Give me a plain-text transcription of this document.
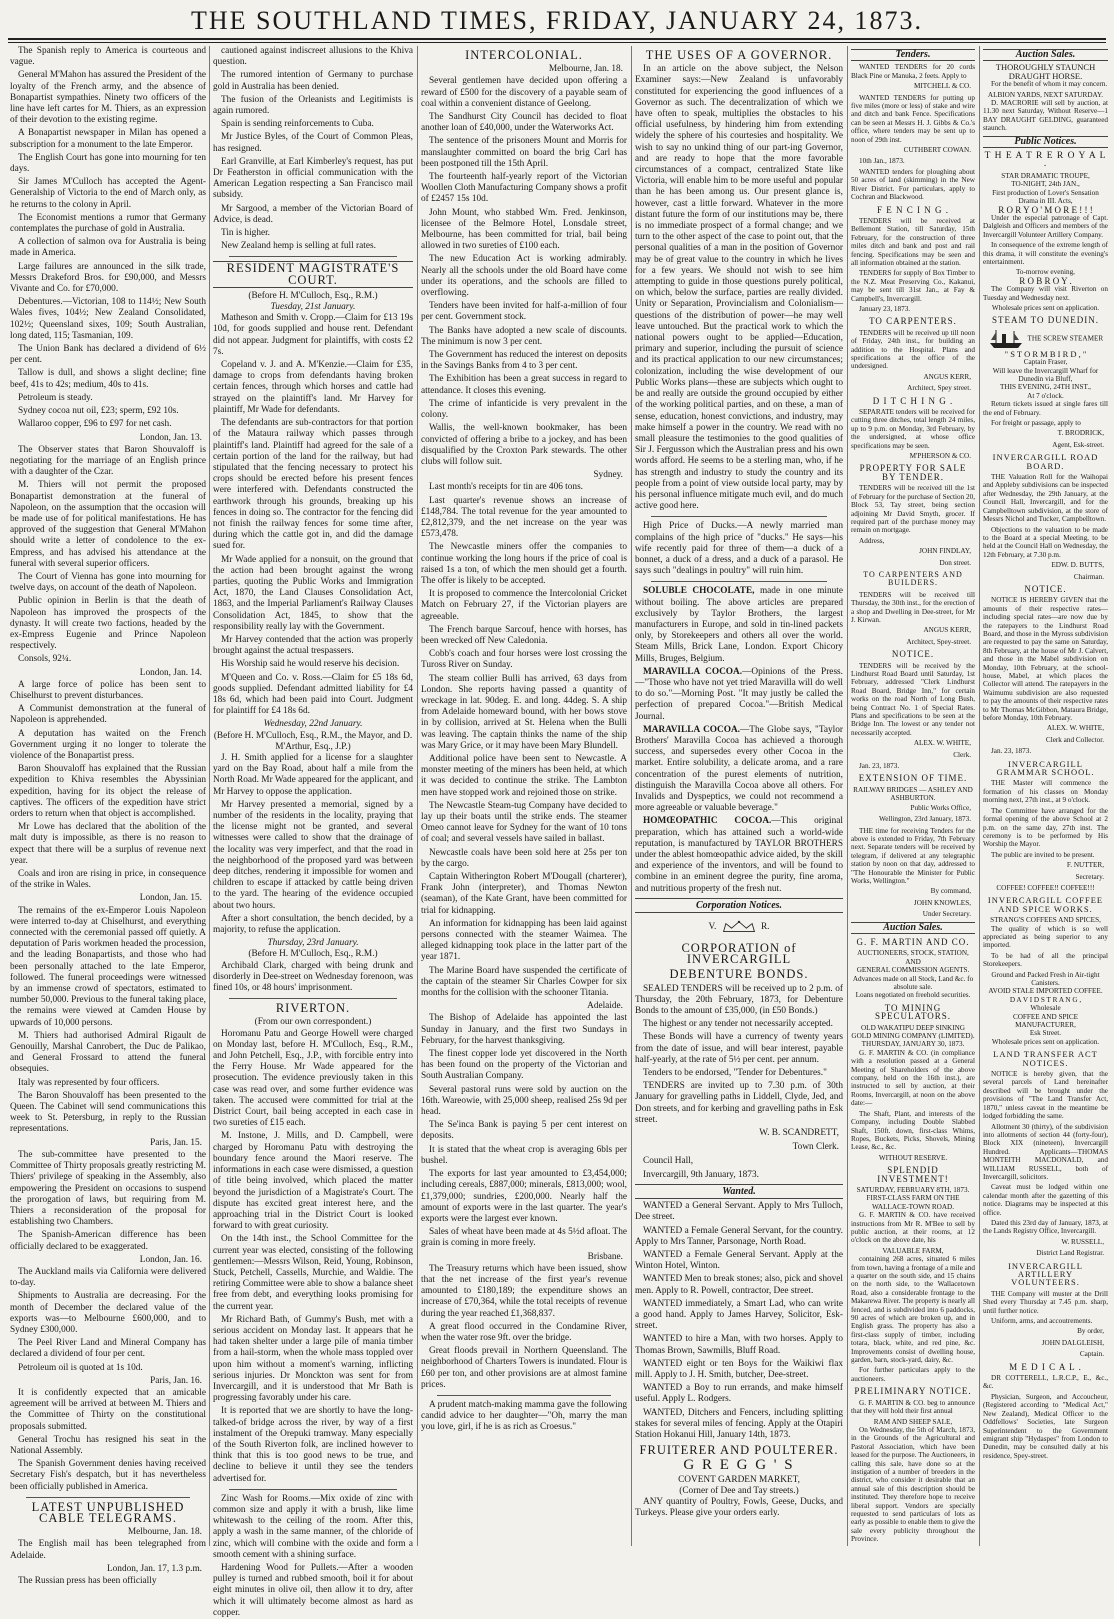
THE SOUTHLAND TIMES, FRIDAY, JANUARY 24, 1873.

The Spanish reply to America is courteous and vague.

General M'Mahon has assured the President of the loyalty of the French army, and the absence of Bonapartist sympathies. Ninety two officers of the line have left cartes for M. Thiers, as an expression of their devotion to the existing regime.

A Bonapartist newspaper in Milan has opened a subscription for a monument to the late Emperor.

The English Court has gone into mourning for ten days.

Sir James M'Culloch has accepted the Agent-Generalship of Victoria to the end of March only, as he returns to the colony in April.

The Economist mentions a rumor that Germany contemplates the purchase of gold in Australia.

A collection of salmon ova for Australia is being made in America.

Large failures are announced in the silk trade, Messrs Drakeford Bros. for £90,000, and Messrs Vivante and Co. for £70,000.

Debentures.—Victorian, 108 to 114½; New South Wales fives, 104½; New Zealand Consolidated, 102½; Queensland sixes, 109; South Australian, long dated, 115; Tasmanian, 109.

The Union Bank has declared a dividend of 6½ per cent.

Tallow is dull, and shows a slight decline; fine beef, 41s to 42s; medium, 40s to 41s.

Petroleum is steady.

Sydney cocoa nut oil, £23; sperm, £92 10s.

Wallaroo copper, £96 to £97 for net cash.

London, Jan. 13.

The Observer states that Baron Shouvaloff is negotiating for the marriage of an English prince with a daughter of the Czar.

M. Thiers will not permit the proposed Bonapartist demonstration at the funeral of Napoleon, on the assumption that the occasion will be made use of for political manifestations. He has approved of the suggestion that General M'Mahon should write a letter of condolence to the ex-Empress, and has advised his attendance at the funeral with several superior officers.

The Court of Vienna has gone into mourning for twelve days, on account of the death of Napoleon.

Public opinion in Berlin is that the death of Napoleon has improved the prospects of the dynasty. It will create two factions, headed by the ex-Empress Eugenie and Prince Napoleon respectively.

Consols, 92¼.

London, Jan. 14.

A large force of police has been sent to Chiselhurst to prevent disturbances.

A Communist demonstration at the funeral of Napoleon is apprehended.

A deputation has waited on the French Government urging it no longer to tolerate the violence of the Bonapartist press.

Baron Shouvaloff has explained that the Russian expedition to Khiva resembles the Abyssinian expedition, having for its object the release of captives. The officers of the expedition have strict orders to return when that object is accomplished.

Mr Lowe has declared that the abolition of the malt duty is impossible, as there is no reason to expect that there will be a surplus of revenue next year.

Coals and iron are rising in price, in consequence of the strike in Wales.

London, Jan. 15.

The remains of the ex-Emperor Louis Napoleon were interred to-day at Chiselhurst, and everything connected with the ceremonial passed off quietly. A deputation of Paris workmen headed the procession, and the leading Bonapartists, and those who had been personally attached to the late Emperor, followed. The funeral proceedings were witnessed by an immense crowd of spectators, estimated to number 50,000. Previous to the funeral taking place, the remains were viewed at Camden House by upwards of 10,000 persons.

M. Thiers had authorised Admiral Rigault de Genouilly, Marshal Canrobert, the Duc de Palikao, and General Frossard to attend the funeral obsequies.

Italy was represented by four officers.

The Baron Shouvaloff has been presented to the Queen. The Cabinet will send communications this week to St. Petersburg, in reply to the Russian representations.

Paris, Jan. 15.

The sub-committee have presented to the Committee of Thirty proposals greatly restricting M. Thiers' privilege of speaking in the Assembly, also empowering the President on occasions to suspend the prorogation of laws, but requiring from M. Thiers a reconsideration of the proposal for establishing two Chambers.

The Spanish-American difference has been officially declared to be exaggerated.

London, Jan. 16.

The Auckland mails via California were delivered to-day.

Shipments to Australia are decreasing. For the month of December the declared value of the exports was—to Melbourne £600,000, and to Sydney £300,000.

The Peel River Land and Mineral Company has declared a dividend of four per cent.

Petroleum oil is quoted at 1s 10d.

Paris, Jan. 16.

It is confidently expected that an amicable agreement will be arrived at between M. Thiers and the Committee of Thirty on the constitutional proposals submitted.

General Trochu has resigned his seat in the National Assembly.

The Spanish Government denies having received Secretary Fish's despatch, but it has nevertheless been officially published in America.

LATEST UNPUBLISHED CABLE TELEGRAMS.
Melbourne, Jan. 18.

The English mail has been telegraphed from Adelaide.

London, Jan. 17, 1.3 p.m.

The Russian press has been officially

cautioned against indiscreet allusions to the Khiva question.

The rumored intention of Germany to purchase gold in Australia has been denied.

The fusion of the Orleanists and Legitimists is again rumored.

Spain is sending reinforcements to Cuba.

Mr Justice Byles, of the Court of Common Pleas, has resigned.

Earl Granville, at Earl Kimberley's request, has put Dr Featherston in official communication with the American Legation respecting a San Francisco mail subsidy.

Mr Sargood, a member of the Victorian Board of Advice, is dead.

Tin is higher.

New Zealand hemp is selling at full rates.

RESIDENT MAGISTRATE'S COURT.
(Before H. M'Culloch, Esq., R.M.)
Tuesday, 21st January.

Matheson and Smith v. Cropp.—Claim for £13 19s 10d, for goods supplied and house rent. Defendant did not appear. Judgment for plaintiffs, with costs £2 7s.

Copeland v. J. and A. M'Kenzie.—Claim for £35, damage to crops from defendants having broken certain fences, through which horses and cattle had strayed on the plaintiff's land. Mr Harvey for plaintiff, Mr Wade for defendants.

The defendants are sub-contractors for that portion of the Mataura railway which passes through plaintiff's land. Plaintiff had agreed for the sale of a certain portion of the land for the railway, but had stipulated that the fencing necessary to protect his crops should be erected before his present fences were interfered with. Defendants constructed the earthwork through his grounds, breaking up his fences in doing so. The contractor for the fencing did not finish the railway fences for some time after, during which the cattle got in, and did the damage sued for.

Mr Wade applied for a nonsuit, on the ground that the action had been brought against the wrong parties, quoting the Public Works and Immigration Act, 1870, the Land Clauses Consolidation Act, 1863, and the Imperial Parliament's Railway Clauses Consolidation Act, 1845, to show that the responsibility really lay with the Government.

Mr Harvey contended that the action was properly brought against the actual trespassers.

His Worship said he would reserve his decision.

M'Queen and Co. v. Ross.—Claim for £5 18s 6d, goods supplied. Defendant admitted liability for £4 18s 6d, which had been paid into Court. Judgment for plaintiff for £4 18s 6d.

Wednesday, 22nd January.
(Before H. M'Culloch, Esq., R.M., the Mayor, and D. M'Arthur, Esq., J.P.)

J. H. Smith applied for a license for a slaughter yard on the Bay Road, about half a mile from the North Road. Mr Wade appeared for the applicant, and Mr Harvey to oppose the application.

Mr Harvey presented a memorial, signed by a number of the residents in the locality, praying that the license might not be granted, and several witnesses were called to show that the drainage of the locality was very imperfect, and that the road in the neighborhood of the proposed yard was between deep ditches, rendering it impossible for women and children to escape if attacked by cattle being driven to the yard. The hearing of the evidence occupied about two hours.

After a short consultation, the bench decided, by a majority, to refuse the application.

Thursday, 23rd January.
(Before H. M'Culloch, Esq., R.M.)

Archibald Clark, charged with being drunk and disorderly in Dee-street on Wednesday forenoon, was fined 10s, or 48 hours' imprisonment.

RIVERTON.
(From our own correspondent.)

Horomanu Patu and George Howell were charged on Monday last, before H. M'Culloch, Esq., R.M., and John Petchell, Esq., J.P., with forcible entry into the Ferry House. Mr Wade appeared for the prosecution. The evidence previously taken in this case was read over, and some further evidence was taken. The accused were committed for trial at the District Court, bail being accepted in each case in two sureties of £15 each.

M. Instone, J. Mills, and D. Campbell, were charged by Horomanu Patu with destroying the boundary fence around the Maori reserve. The informations in each case were dismissed, a question of title being involved, which placed the matter beyond the jurisdiction of a Magistrate's Court. The dispute has excited great interest here, and the approaching trial in the District Court is looked forward to with great curiosity.

On the 14th inst., the School Committee for the current year was elected, consisting of the following gentlemen:—Messrs Wilson, Reid, Young, Robinson, Stuck, Petchell, Cassells, Murchie, and Waldie. The retiring Committee were able to show a balance sheet free from debt, and everything looks promising for the current year.

Mr Richard Bath, of Gummy's Bush, met with a serious accident on Monday last. It appears that he had taken shelter under a large pile of mania timber from a hail-storm, when the whole mass toppled over upon him without a moment's warning, inflicting serious injuries. Dr Monckton was sent for from Invercargill, and it is understood that Mr Bath is progressing favorably under his care.

It is reported that we are shortly to have the long-talked-of bridge across the river, by way of a first instalment of the Orepuki tramway. Many especially of the South Riverton folk, are inclined however to think that this is too good news to be true, and decline to believe it until they see the tenders advertised for.

Zinc Wash for Rooms.—Mix oxide of zinc with common size and apply it with a brush, like lime whitewash to the ceiling of the room. After this, apply a wash in the same manner, of the chloride of zinc, which will combine with the oxide and form a smooth cement with a shining surface.

Hardening Wood for Pullets.—After a wooden pulley is turned and rubbed smooth, boil it for about eight minutes in olive oil, then allow it to dry, after which it will ultimately become almost as hard as copper.

INTERCOLONIAL.
Melbourne, Jan. 18.

Several gentlemen have decided upon offering a reward of £500 for the discovery of a payable seam of coal within a convenient distance of Geelong.

The Sandhurst City Council has decided to float another loan of £40,000, under the Waterworks Act.

The sentence of the prisoners Mount and Morris for manslaughter committed on board the brig Carl has been postponed till the 15th April.

The fourteenth half-yearly report of the Victorian Woollen Cloth Manufacturing Company shows a profit of £2457 15s 10d.

John Mount, who stabbed Wm. Fred. Jenkinson, licensee of the Belmore Hotel, Lonsdale street, Melbourne, has been committed for trial, bail being allowed in two sureties of £100 each.

The new Education Act is working admirably. Nearly all the schools under the old Board have come under its operations, and the schools are filled to overflowing.

Tenders have been invited for half-a-million of four per cent. Government stock.

The Banks have adopted a new scale of discounts. The minimum is now 3 per cent.

The Government has reduced the interest on deposits in the Savings Banks from 4 to 3 per cent.

The Exhibition has been a great success in regard to attendance. It closes this evening.

The crime of infanticide is very prevalent in the colony.

Wallis, the well-known bookmaker, has been convicted of offering a bribe to a jockey, and has been disqualified by the Croxton Park stewards. The other clubs will follow suit.

Sydney.

Last month's receipts for tin are 406 tons.

Last quarter's revenue shows an increase of £148,784. The total revenue for the year amounted to £2,812,379, and the net increase on the year was £573,478.

The Newcastle miners offer the companies to continue working the long hours if the price of coal is raised 1s a ton, of which the men should get a fourth. The offer is likely to be accepted.

It is proposed to commence the Intercolonial Cricket Match on February 27, if the Victorian players are agreeable.

The French barque Sarcouf, hence with horses, has been wrecked off New Caledonia.

Cobb's coach and four horses were lost crossing the Tuross River on Sunday.

The steam collier Bulli has arrived, 63 days from London. She reports having passed a quantity of wreckage in lat. 90deg. E. and long. 44deg. S. A ship from Adelaide homeward bound, with her bows stove in by collision, arrived at St. Helena when the Bulli was leaving. The captain thinks the name of the ship was Mary Grice, or it may have been Mary Blundell.

Additional police have been sent to Newcastle. A monster meeting of the miners has been held, at which it was decided to continue the strike. The Lambton men have stopped work and rejoined those on strike.

The Newcastle Steam-tug Company have decided to lay up their boats until the strike ends. The steamer Omeo cannot leave for Sydney for the want of 10 tons of coal; and several vessels have sailed in ballast.

Newcastle coals have been sold here at 25s per ton by the cargo.

Captain Witherington Robert M'Dougall (charterer), Frank John (interpreter), and Thomas Newton (seaman), of the Kate Grant, have been committed for trial for kidnapping.

An information for kidnapping has been laid against persons connected with the steamer Waimea. The alleged kidnapping took place in the latter part of the year 1871.

The Marine Board have suspended the certificate of the captain of the steamer Sir Charles Cowper for six months for the collision with the schooner Titania.

Adelaide.

The Bishop of Adelaide has appointed the last Sunday in January, and the first two Sundays in February, for the harvest thanksgiving.

The finest copper lode yet discovered in the North has been found on the property of the Victorian and South Australian Company.

Several pastoral runs were sold by auction on the 16th. Wareowie, with 25,000 sheep, realised 25s 9d per head.

The Se'inca Bank is paying 5 per cent interest on deposits.

It is stated that the wheat crop is averaging 6bls per bushel.

The exports for last year amounted to £3,454,000; including cereals, £887,000; minerals, £813,000; wool, £1,379,000; sundries, £200,000. Nearly half the amount of exports were in the last quarter. The year's exports were the largest ever known.

Sales of wheat have been made at 4s 5½d afloat. The grain is coming in more freely.

Brisbane.

The Treasury returns which have been issued, show that the net increase of the first year's revenue amounted to £180,189; the expenditure shows an increase of £70,364, while the total receipts of revenue during the year reached £1,368,837.

A great flood occurred in the Condamine River, when the water rose 9ft. over the bridge.

Great floods prevail in Northern Queensland. The neighborhood of Charters Towers is inundated. Flour is £60 per ton, and other provisions are at almost famine prices.

A prudent match-making mamma gave the following candid advice to her daughter—"Oh, marry the man you love, girl, if he is as rich as Croesus."

THE USES OF A GOVERNOR.

In an article on the above subject, the Nelson Examiner says:—New Zealand is unfavorably constituted for experiencing the good influences of a Governor as such. The decentralization of which we have often to speak, multiplies the obstacles to his official usefulness, by hindering him from extending widely the sphere of his courtesies and hospitality. We wish to say no unkind thing of our part-ing Governor, and are ready to hope that the more favorable circumstances of a compact, centralized State like Victoria, will enable him to be more useful and popular than he has been among us. Our present glance is, however, cast a little forward. Whatever in the more distant future the form of our institutions may be, there is no immediate prospect of a formal change; and we turn to the other aspect of the case to point out, that the personal qualities of a man in the position of Governor may be of great value to the country in which he lives for a few years. We should not wish to see him attempting to guide in those questions purely political, on which, below the surface, parties are really divided. Unity or Separation, Provincialism and Colonialism—questions of the distribution of power—he may well leave untouched. But the practical work to which the national powers ought to be applied—Education, primary and superior, including the pursuit of science and its practical application to our new circumstances; colonization, including the wise development of our Public Works plans—these are subjects which ought to be and really are outside the ground occupied by either of the working political parties, and on these, a man of sense, education, honest convictions, and industry, may make himself a power in the country. We read with no small pleasure the testimonies to the good qualities of Sir J. Fergusson which the Australian press and his own words afford. He seems to be a sterling man, who, if he has strength and industry to study the country and its people from a point of view outside local party, may by his personal influence mitigate much evil, and do much active good here.

High Price of Ducks.—A newly married man complains of the high price of "ducks." He says—his wife recently paid for three of them—a duck of a bonnet, a duck of a dress, and a duck of a parasol. He says such "dealings in poultry" will ruin him.

SOLUBLE CHOCOLATE, made in one minute without boiling. The above articles are prepared exclusively by Taylor Brothers, the largest manufacturers in Europe, and sold in tin-lined packets only, by Storekeepers and others all over the world. Steam Mills, Brick Lane, London. Export Chicory Mills, Bruges, Belgium.

MARAVILLA COCOA.—Opinions of the Press.—"Those who have not yet tried Maravilla will do well to do so."—Morning Post. "It may justly be called the perfection of prepared Cocoa."—British Medical Journal.

MARAVILLA COCOA.—The Globe says, "Taylor Brothers' Maravilla Cocoa has achieved a thorough success, and supersedes every other Cocoa in the market. Entire solubility, a delicate aroma, and a rare concentration of the purest elements of nutrition, distinguish the Maravilla Cocoa above all others. For Invalids and Dyspeptics, we could not recommend a more agreeable or valuable beverage."

HOMŒOPATHIC COCOA.—This original preparation, which has attained such a world-wide reputation, is manufactured by TAYLOR BROTHERS under the ablest homœopathic advice aided, by the skill and experience of the inventors, and will be found to combine in an eminent degree the purity, fine aroma, and nutritious property of the fresh nut.

Corporation Notices.
V.	R.
CORPORATION of INVERCARGILL
DEBENTURE BONDS.

SEALED TENDERS will be received up to 2 p.m. of Thursday, the 20th February, 1873, for Debenture Bonds to the amount of £35,000, (in £50 Bonds.)

The highest or any tender not necessarily accepted.

These Bonds will have a currency of twenty years from the date of issue, and will bear interest, payable half-yearly, at the rate of 5½ per cent. per annum.

Tenders to be endorsed, "Tender for Debentures."

TENDERS are invited up to 7.30 p.m. of 30th January for gravelling paths in Liddell, Clyde, Jed, and Don streets, and for kerbing and gravelling paths in Esk street.

W. B. SCANDRETT,
Town Clerk.

Council Hall,

Invercargill, 9th January, 1873.

Wanted.

WANTED a General Servant. Apply to Mrs Tulloch, Dee street.

WANTED a Female General Servant, for the country. Apply to Mrs Tanner, Parsonage, North Road.

WANTED a Female General Servant. Apply at the Winton Hotel, Winton.

WANTED Men to break stones; also, pick and shovel men. Apply to R. Powell, contractor, Dee street.

WANTED immediately, a Smart Lad, who can write a good hand. Apply to James Harvey, Solicitor, Esk-street.

WANTED to hire a Man, with two horses. Apply to Thomas Brown, Sawmills, Bluff Road.

WANTED eight or ten Boys for the Waikiwi flax mill. Apply to J. H. Smith, butcher, Dee-street.

WANTED a Boy to run errands, and make himself useful. Apply L. Rodgers.

WANTED, Ditchers and Fencers, including splitting stakes for several miles of fencing. Apply at the Otapiri Station Hokanui Hill, January 14th, 1873.

FRUITERER AND POULTERER.
G R E G G ' S
COVENT GARDEN MARKET,
(Corner of Dee and Tay streets.)

ANY quantity of Poultry, Fowls, Geese, Ducks, and Turkeys. Please give your orders early.

Tenders.

WANTED TENDERS for 20 cords Black Pine or Manuka, 2 feets. Apply to

MITCHELL & CO.

WANTED TENDERS for putting up five miles (more or less) of stake and wire and ditch and bank Fence. Specifications can be seen at Messrs H. J. Gibbs & Co.'s office, where tenders may be sent up to noon of 29th inst.

CUTHBERT COWAN.

10th Jan., 1873.

WANTED tenders for ploughing about 50 acres of land (skimming) in the New River District. For particulars, apply to Cochran and Blackwood.

F E N C I N G .

TENDERS will be received at Bellemont Station, till Saturday, 15th February, for the construction of three miles ditch and bank and post and rail fencing. Specifications may be seen and all information obtained at the station.

TENDERS for supply of Box Timber to the N.Z. Meat Preserving Co., Kakanui, may be sent till 31st Jan., at Fay & Campbell's, Invercargill.

January 23, 1873.

TO CARPENTERS.

TENDERS will be received up till noon of Friday, 24th inst., for building an addition to the Hospital. Plans and specifications at the office of the undersigned.

ANGUS KERR,
Architect, Spey street.
D I T C H I N G .

SEPARATE tenders will be received for cutting three ditches, total length 24 miles, up to 9 p.m. on Monday, 3rd February, by the undersigned, at whose office specifications may be seen.

M'PHERSON & CO.
PROPERTY FOR SALE BY TENDER.

TENDERS will be received till the 1st of February for the purchase of Section 20, Block 53, Tay street, being section adjoining Mr David Smyth, grocer. If required part of the purchase money may remain on mortgage.

Address,

JOHN FINDLAY,
Don street.
TO CARPENTERS AND BUILDERS.

TENDERS will be received till Thursday, the 30th inst., for the erection of a shop and Dwelling in Dee-street, for Mr J. Kirwan.

ANGUS KERR,
Architect, Spey-street.
NOTICE.

TENDERS will be received by the Lindhurst Road Board until Saturday, 1st February, addressed "Clerk Lindhurst Road Board, Bridge Inn," for certain works on the road North of Long Bush, being Contract No. 1 of Special Rates. Plans and specifications to be seen at the Bridge Inn. The lowest or any tender not necessarily accepted.

ALEX. W. WHITE,
Clerk.

Jan. 23, 1873.

EXTENSION OF TIME.
RAILWAY BRIDGES — ASHLEY AND ASHBURTON.
Public Works Office,
Wellington, 23rd January, 1873.

THE time for receiving Tenders for the above is extended to Friday, 7th February next. Separate tenders will be received by telegram, if delivered at any telegraphic station by noon on that day, addressed to "The Honourable the Minister for Public Works, Wellington."

By command,
JOHN KNOWLES,
Under Secretary.
Auction Sales.
G. F. MARTIN AND CO.
AUCTIONEERS, STOCK, STATION,
AND
GENERAL COMMISSION AGENTS.
Advances made on all Stock, Land &c. fo absolute sale.
Loans negotiated on freehold securities.
TO MINING SPECULATORS.
OLD WAKATIPU DEEP SINKING GOLD MINING COMPANY (LIMITED).
THURSDAY, JANUARY 30, 1873.

G. F. MARTIN & CO. (in compliance with a resolution passed at a General Meeting of Shareholders of the above company, held on the 16th inst.), are instructed to sell by auction, at their Rooms, Invercargill, at noon on the above date:—

The Shaft, Plant, and interests of the Company, including Double Slabbed Shaft, 150ft. down, first-class Whims, Ropes, Buckets, Picks, Shovels, Mining Lease, &c., &c.

WITHOUT RESERVE.
SPLENDID INVESTMENT!
SATURDAY, FEBRUARY 8TH, 1873.
FIRST-CLASS FARM ON THE WALLACE-TOWN ROAD.

G. F. MARTIN & CO. have received instructions from Mr R. M'Bee to sell by public auction, at their rooms, at 12 o'clock on the above date, his

VALUABLE FARM,

containing 268 acres, situated 6 miles from town, having a frontage of a mile and a quarter on the south side, and 15 chains on the north side, to the Wallacetown Road, also a considerable frontage to the Makarewa River. The property is nearly all fenced, and is subdivided into 6 paddocks, 90 acres of which are broken up, and in English grass. The property has also a first-class supply of timber, including totara, black, white, and red pine, &c. Improvements consist of dwelling house, garden, barn, stock-yard, dairy, &c.

For further particulars apply to the auctioneers.

PRELIMINARY NOTICE.

G. F. MARTIN & CO. beg to announce that they will hold their first annual

RAM AND SHEEP SALE,

On Wednesday, the 5th of March, 1873, in the Grounds of the Agricultural and Pastoral Association, which have been leased for the purpose. The Auctioneers, in calling this sale, have done so at the instigation of a number of breeders in the district, who consider it desirable that an annual sale of this description should be instituted. They therefore hope to receive liberal support. Vendors are specially requested to send particulars of lots as early as possible to enable them to give the sale every publicity throughout the Province.

Auction Sales.
THOROUGHLY STAUNCH DRAUGHT HORSE.

For the benefit of whom it may concern.

ALBION YARDS, NEXT SATURDAY.

D. MACRORIE will sell by auction, at 11.30 next Saturday, Without Reserve—1 BAY DRAUGHT GELDING, guaranteed staunch.

Public Notices.
T H E A T R E R O Y A L .
STAR DRAMATIC TROUPE,
TO-NIGHT, 24th JAN.,
First production of Lover's Sensation Drama in III. Acts,
R O R Y O ' M O R E ! ! !

Under the especial patronage of Capt. Dalgleish and Officers and members of the Invercargill Volunteer Artillery Company.

In consequence of the extreme length of this drama, it will constitute the evening's entertainment.

To-morrow evening,
R O B R O Y .

The Company will visit Riverton on Tuesday and Wednesday next.

Wholesale prices sent on application.
STEAM TO DUNEDIN.
THE SCREW STEAMER
" S T O R M B I R D , "
Captain Fraser,
Will leave the Invercargill Wharf for Dunedin via Bluff,
THIS EVENING, 24TH INST.,
At 7 o'clock.

Return tickets issued at single fares till the end of February.

For freight or passage, apply to

T. BRODRICK,
Agent, Esk-street.
INVERCARGILL ROAD BOARD.

THE Valuation Roll for the Waihopai and Appleby subdivisions can be inspected after Wednesday, the 29th January, at the Council Hall, Invercargill, and for the Campbelltown subdivision, at the store of Messrs Nichol and Tucker, Campbelltown.

Objections to the valuation to be made to the Board at a special Meeting, to be held at the Council Hall on Wednesday, the 12th February, at 7.30 p.m.

EDW. D. BUTTS,
Chairman.
NOTICE.

NOTICE IS HEREBY GIVEN that the amounts of their respective rates—including special rates—are now due by the ratepayers to the Lindhurst Road Board, and those in the Myross subdivision are requested to pay the same on Saturday, 8th February, at the house of Mr J. Calvert, and those in the Mabel subdivision on Monday, 10th February, at the school-house, Mabel, at which places the Collector will attend. The ratepayers in the Waimumu subdivision are also requested to pay the amounts of their respective rates to Mr Thomas McGibbon, Mataura Bridge, before Monday, 10th February.

ALEX. W. WHITE,
Clerk and Collector.

Jan. 23, 1873.

INVERCARGILL GRAMMAR SCHOOL.

THE Master will commence the formation of his classes on Monday morning next, 27th inst., at 9 o'clock.

The Committee have arranged for the formal opening of the above School at 2 p.m. on the same day, 27th inst. The ceremony is to be performed by His Worship the Mayor.

The public are invited to be present.

F. NUTTER,
Secretary.
COFFEE! COFFEE!! COFFEE!!!
INVERCARGILL COFFEE AND SPICE WORKS.
STRANG'S COFFEES AND SPICES,

The quality of which is so well appreciated as being superior to any imported.

To be had of all the principal Storekeepers.

Ground and Packed Fresh in Air-tight Canisters.
AVOID STALE IMPORTED COFFEE.
D A V I D S T R A N G ,
Wholesale
COFFEE AND SPICE MANUFACTURER,
Esk Street.
Wholesale prices sent on application.
LAND TRANSFER ACT NOTICES.

NOTICE is hereby given, that the several parcels of Land hereinafter described will be brought under the provisions of "The Land Transfer Act, 1870," unless caveat in the meantime be lodged forbidding the same.

Allotment 30 (thirty), of the subdivision into allotments of section 44 (forty-four), Block XIX (nineteen), Invercargill Hundred. Applicants—THOMAS MONTEITH MACDONALD, and WILLIAM RUSSELL, both of Invercargill, solicitors.

Caveat must be lodged within one calendar month after the gazetting of this notice. Diagrams may be inspected at this office.

Dated this 23rd day of January, 1873, at the Lands Registry Office, Invercargill.

W. RUSSELL,
District Land Registrar.
INVERCARGILL ARTILLERY VOLUNTEERS.

THE Company will muster at the Drill Shed every Thursday at 7.45 p.m. sharp, until further notice.

Uniform, arms, and accoutrements.

By order,
JOHN DALGLEISH,
Captain.
M E D I C A L .

DR COTTERELL, L.R.C.P., E., &c., &c.

Physician, Surgeon, and Accoucheur, (Registered according to "Medical Act," New Zealand), Medical Officer to the Oddfellows' Societies, late Surgeon Superintendent to the Government emigrant ship "Hydaspes" from London to Dunedin, may be consulted daily at his residence, Spey-street.
